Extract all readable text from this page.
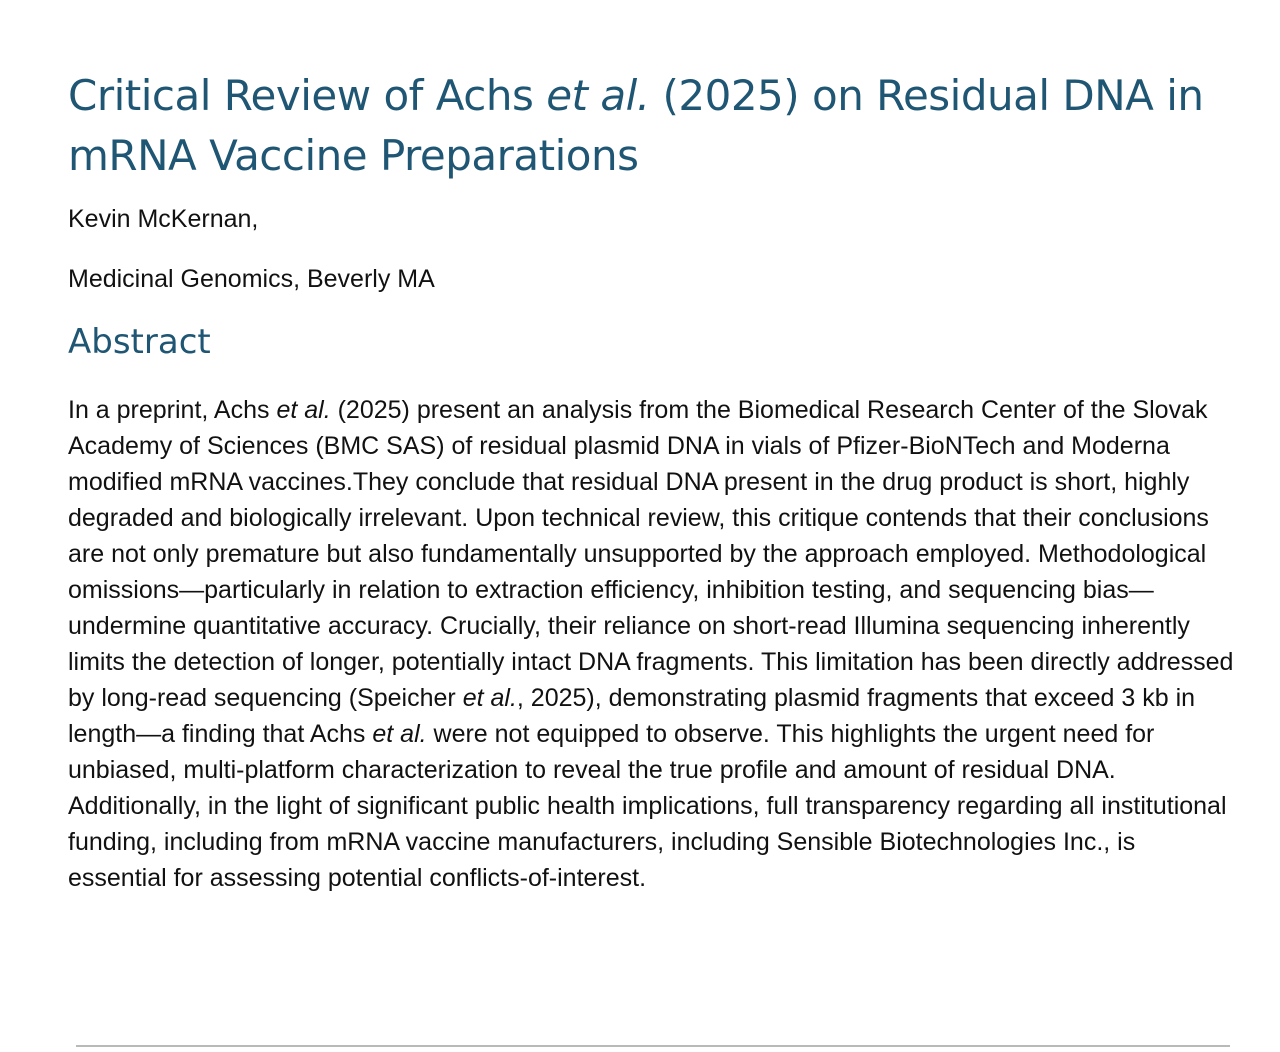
Critical Review of Achs et al. (2025) on Residual DNA in mRNA Vaccine Preparations

Kevin McKernan,

Medicinal Genomics, Beverly MA

Abstract

In a preprint, Achs et al. (2025) present an analysis from the Biomedical Research Center of the Slovak Academy of Sciences (BMC SAS) of residual plasmid DNA in vials of Pfizer-BioNTech and Moderna modified mRNA vaccines.They conclude that residual DNA present in the drug product is short, highly degraded and biologically irrelevant. Upon technical review, this critique contends that their conclusions are not only premature but also fundamentally unsupported by the approach employed. Methodological omissions—particularly in relation to extraction efficiency, inhibition testing, and sequencing bias—undermine quantitative accuracy. Crucially, their reliance on short-read Illumina sequencing inherently limits the detection of longer, potentially intact DNA fragments. This limitation has been directly addressed by long-read sequencing (Speicher et al., 2025), demonstrating plasmid fragments that exceed 3 kb in length—a finding that Achs et al. were not equipped to observe. This highlights the urgent need for unbiased, multi-platform characterization to reveal the true profile and amount of residual DNA. Additionally, in the light of significant public health implications, full transparency regarding all institutional funding, including from mRNA vaccine manufacturers, including Sensible Biotechnologies Inc., is essential for assessing potential conflicts-of-interest.
